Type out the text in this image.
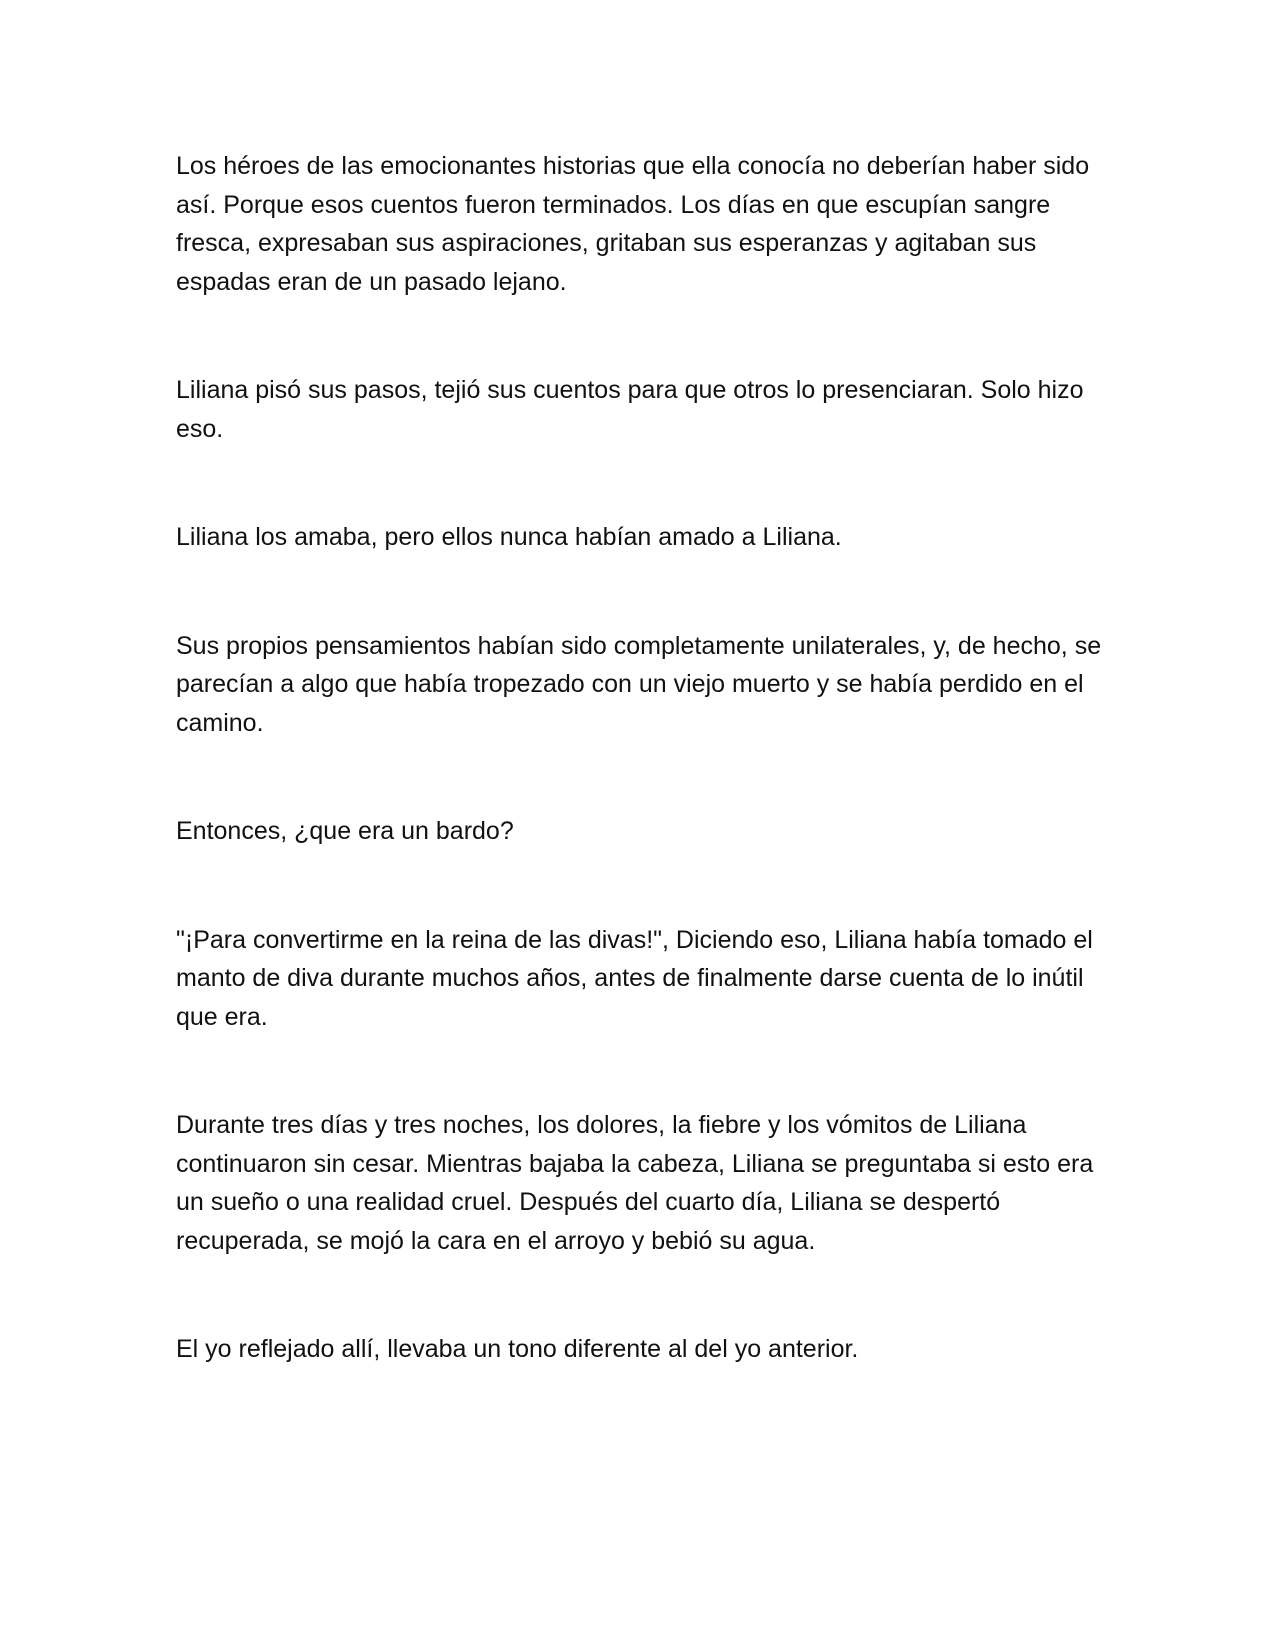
Los héroes de las emocionantes historias que ella conocía no deberían haber sido así. Porque esos cuentos fueron terminados. Los días en que escupían sangre fresca, expresaban sus aspiraciones, gritaban sus esperanzas y agitaban sus espadas eran de un pasado lejano.

Liliana pisó sus pasos, tejió sus cuentos para que otros lo presenciaran. Solo hizo eso.

Liliana los amaba, pero ellos nunca habían amado a Liliana.

Sus propios pensamientos habían sido completamente unilaterales, y, de hecho, se parecían a algo que había tropezado con un viejo muerto y se había perdido en el camino.

Entonces, ¿que era un bardo?

"¡Para convertirme en la reina de las divas!", Diciendo eso, Liliana había tomado el manto de diva durante muchos años, antes de finalmente darse cuenta de lo inútil que era.

Durante tres días y tres noches, los dolores, la fiebre y los vómitos de Liliana continuaron sin cesar. Mientras bajaba la cabeza, Liliana se preguntaba si esto era un sueño o una realidad cruel. Después del cuarto día, Liliana se despertó recuperada, se mojó la cara en el arroyo y bebió su agua.

El yo reflejado allí, llevaba un tono diferente al del yo anterior.
